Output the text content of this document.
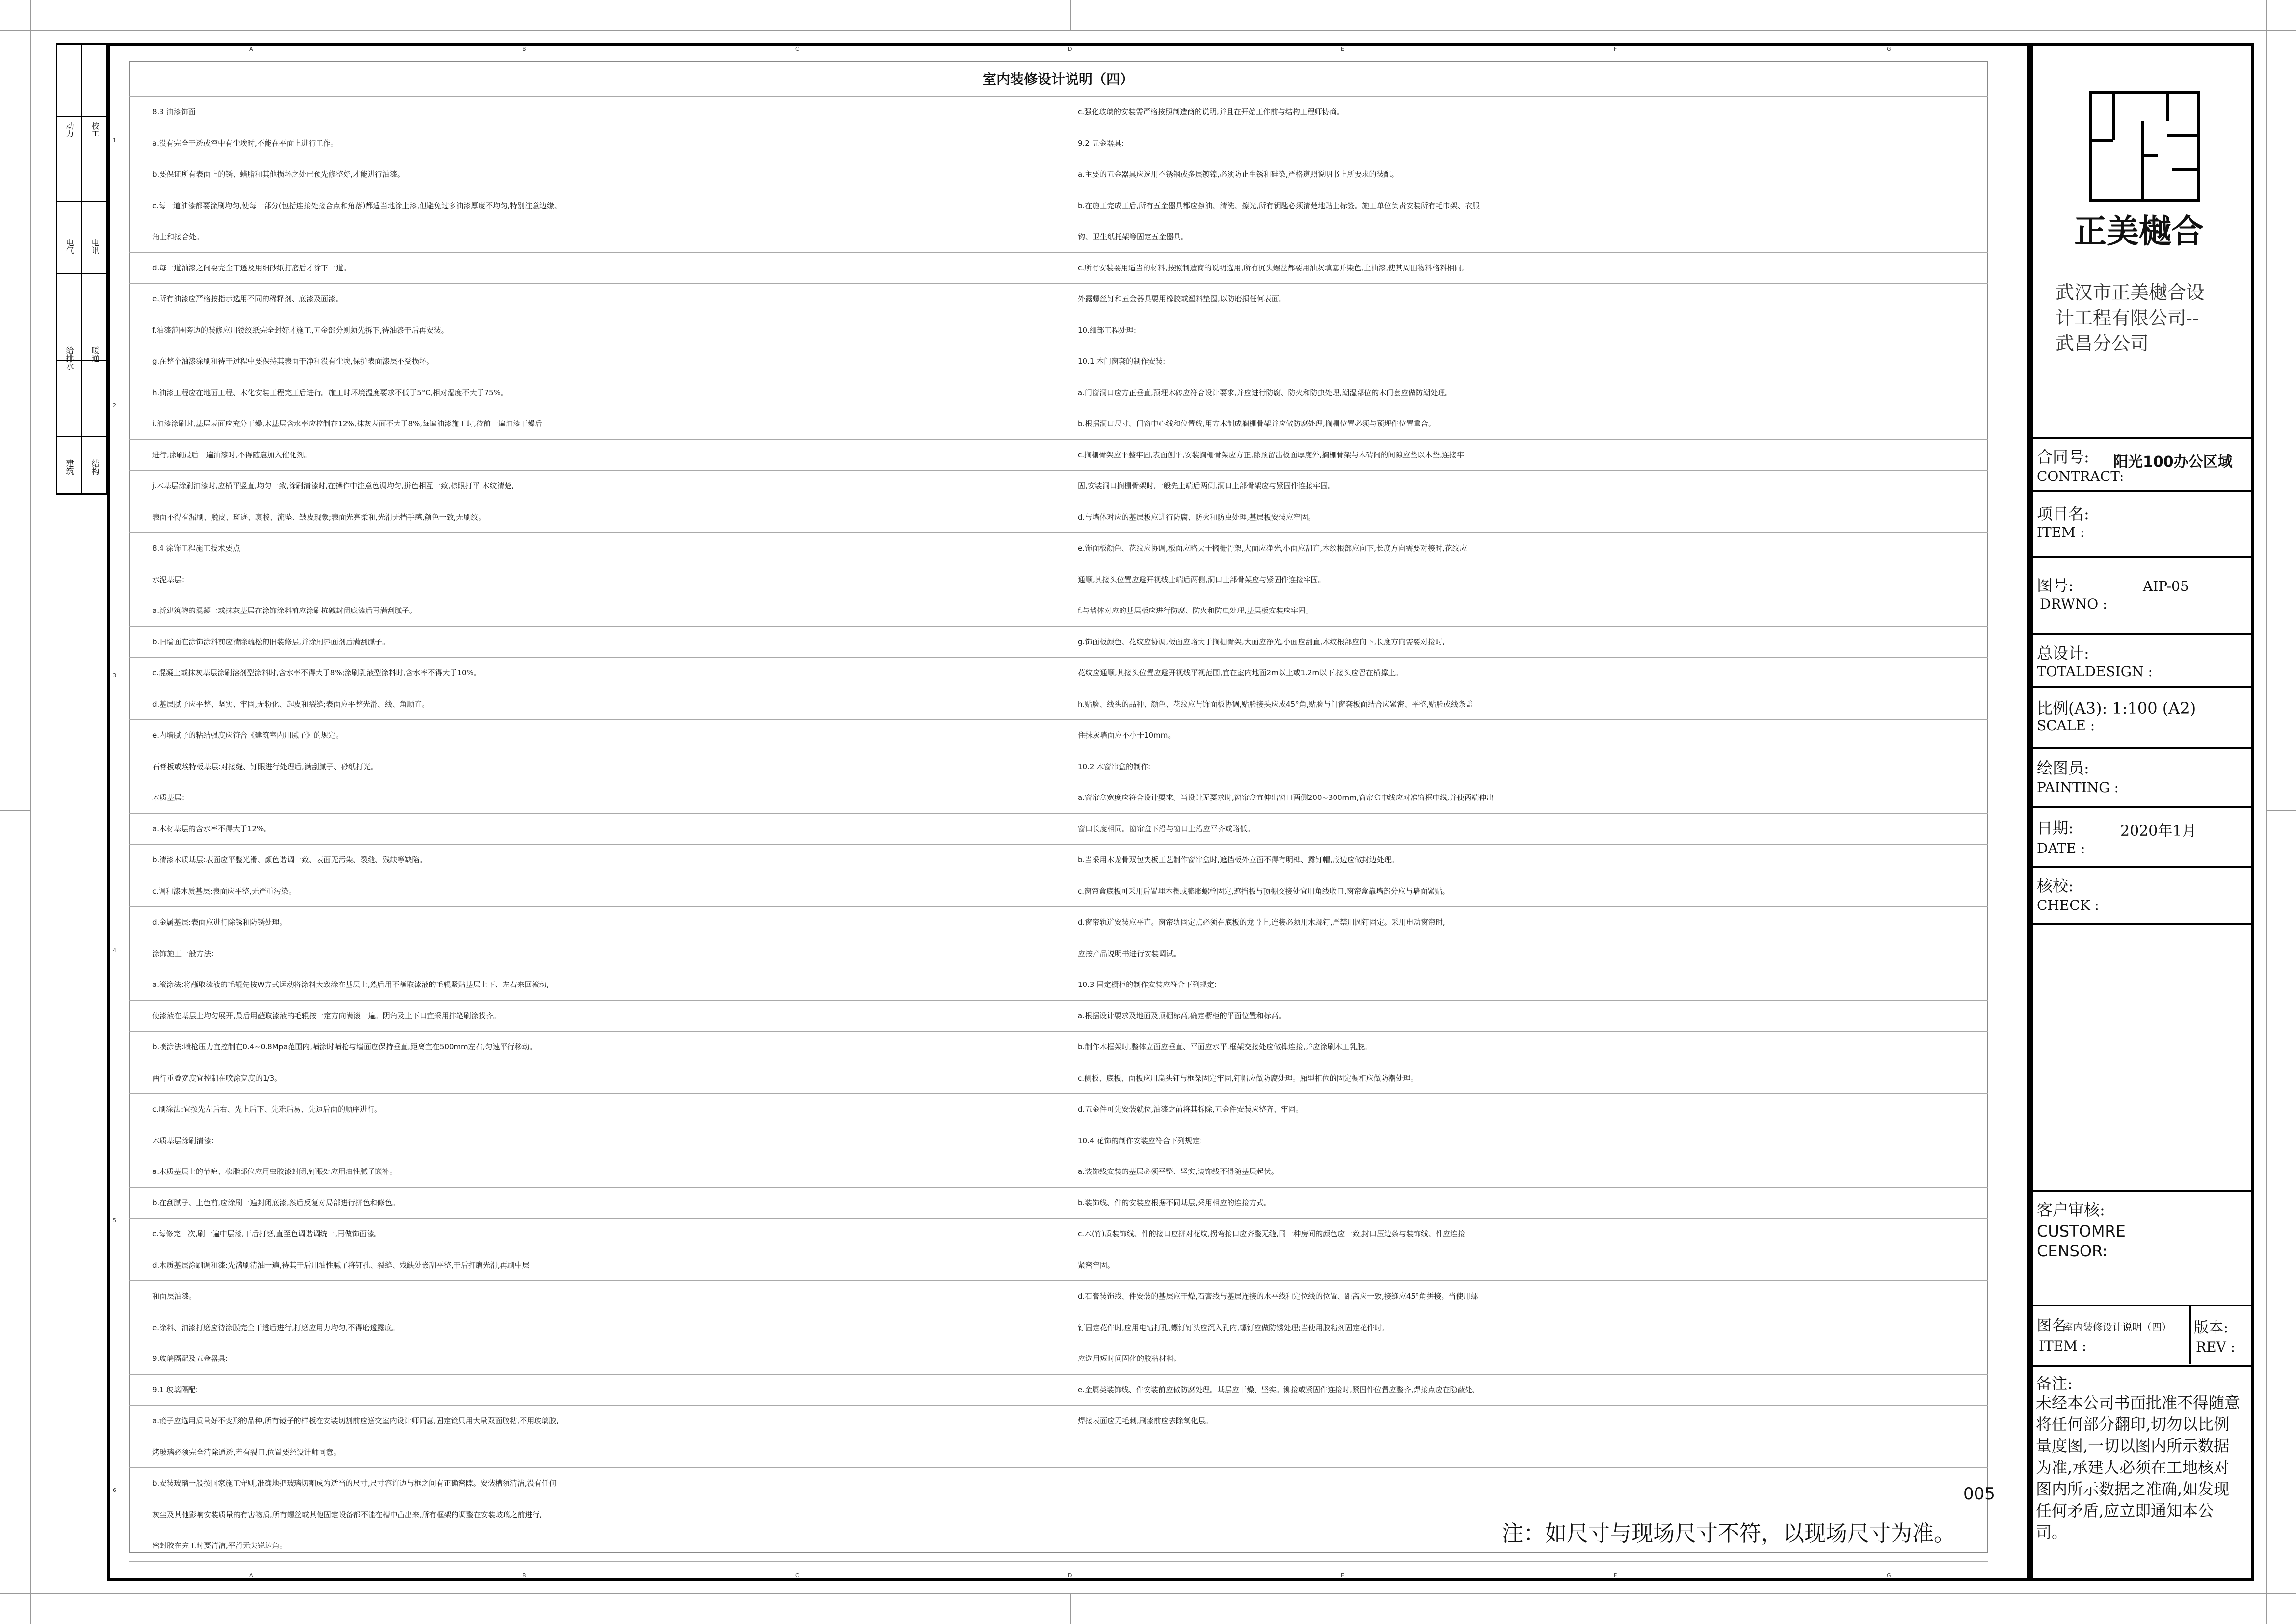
A	B	C	D	E	F	G
A	B	C	D	E	F	G
1
2
3
4
5
6
动力 校工
电气 电讯
给排水 暖通
建筑 结构
室内装修设计说明（四）
8.3 油漆饰面
a.没有完全干透或空中有尘埃时,不能在平面上进行工作。
b.要保证所有表面上的锈、蜡脂和其他损坏之处已预先修整好,才能进行油漆。
c.每一道油漆都要涂刷均匀,使每一部分(包括连接处接合点和角落)都适当地涂上漆,但避免过多油漆厚度不均匀,特别注意边缘、
角上和接合处。
d.每一道油漆之间要完全干透及用细砂纸打磨后才涂下一道。
e.所有油漆应严格按指示选用不同的稀释剂、底漆及面漆。
f.油漆范围旁边的装修应用镂纹纸完全封好才施工,五金部分则须先拆下,待油漆干后再安装。
g.在整个油漆涂刷和待干过程中要保持其表面干净和没有尘埃,保护表面漆层不受损坏。
h.油漆工程应在地面工程、木化安装工程完工后进行。施工时环境温度要求不低于5°C,相对湿度不大于75%。
i.油漆涂刷时,基层表面应充分干燥,木基层含水率应控制在12%,抹灰表面不大于8%,每遍油漆施工时,待前一遍油漆干燥后
进行,涂刷最后一遍油漆时,不得随意加入催化剂。
j.木基层涂刷油漆时,应横平竖直,均匀一致,涂刷清漆时,在操作中注意色调均匀,拼色相互一致,棕眼打平,木纹清楚,
表面不得有漏刷、脱皮、斑迹、裹棱、流坠、皱皮现象;表面光亮柔和,光滑无挡手感,颜色一致,无刷纹。
8.4 涂饰工程施工技术要点
水泥基层:
a.新建筑物的混凝土或抹灰基层在涂饰涂料前应涂刷抗碱封闭底漆后再满刮腻子。
b.旧墙面在涂饰涂料前应清除疏松的旧装修层,并涂刷界面剂后满刮腻子。
c.混凝土或抹灰基层涂刷溶剂型涂料时,含水率不得大于8%;涂刷乳液型涂料时,含水率不得大于10%。
d.基层腻子应平整、坚实、牢固,无粉化、起皮和裂缝;表面应平整光滑、线、角顺直。
e.内墙腻子的粘结强度应符合《建筑室内用腻子》的规定。
石膏板或埃特板基层:对接缝、钉眼进行处理后,满刮腻子、砂纸打光。
木质基层:
a.木材基层的含水率不得大于12%。
b.清漆木质基层:表面应平整光滑、颜色谐调一致、表面无污染、裂缝、残缺等缺陷。
c.调和漆木质基层:表面应平整,无严重污染。
d.金属基层:表面应进行除锈和防锈处理。
涂饰施工一般方法:
a.滚涂法:将蘸取漆液的毛辊先按W方式运动将涂料大致涂在基层上,然后用不蘸取漆液的毛辊紧贴基层上下、左右来回滚动,
使漆液在基层上均匀展开,最后用蘸取漆液的毛辊按一定方向满滚一遍。阴角及上下口宜采用排笔刷涂找齐。
b.喷涂法:喷枪压力宜控制在0.4~0.8Mpa范围内,喷涂时喷枪与墙面应保持垂直,距离宜在500mm左右,匀速平行移动。
两行重叠宽度宜控制在喷涂宽度的1/3。
c.刷涂法:宜按先左后右、先上后下、先难后易、先边后面的顺序进行。
木质基层涂刷清漆:
a.木质基层上的节疤、松脂部位应用虫胶漆封闭,钉眼处应用油性腻子嵌补。
b.在刮腻子、上色前,应涂刷一遍封闭底漆,然后反复对局部进行拼色和修色。
c.每修完一次,刷一遍中层漆,干后打磨,直至色调谐调统一,再做饰面漆。
d.木质基层涂刷调和漆:先满刷清油一遍,待其干后用油性腻子将钉孔、裂缝、残缺处嵌刮平整,干后打磨光滑,再刷中层
和面层油漆。
e.涂料、油漆打磨应待涂膜完全干透后进行,打磨应用力均匀,不得磨透露底。
9.玻璃隔配及五金器具:
9.1 玻璃隔配:
a.镜子应选用质量好不变形的品种,所有镜子的样板在安装切割前应送交室内设计师同意,固定镜只用大量双面胶粘,不用玻璃胶,
烤玻璃必须完全清除通透,若有裂口,位置要经设计师同意。
b.安装玻璃一般按国家施工守则,准确地把玻璃切割成为适当的尺寸,尺寸容许边与框之间有正确密隙。安装槽须清洁,没有任何
灰尘及其他影响安装质量的有害物质,所有螺丝或其他固定设备都不能在槽中凸出来,所有框架的调整在安装玻璃之前进行,
密封胶在完工时要清洁,平滑无尖锐边角。
c.强化玻璃的安装需严格按照制造商的说明,并且在开始工作前与结构工程师协商。
9.2 五金器具:
a.主要的五金器具应选用不锈钢或多层镀镍,必须防止生锈和硅染,严格遵照说明书上所要求的装配。
b.在施工完成工后,所有五金器具都应擦油、清洗、擦光,所有钥匙必须清楚地贴上标签。施工单位负责安装所有毛巾架、衣服
钩、卫生纸托架等固定五金器具。
c.所有安装要用适当的材料,按照制造商的说明选用,所有沉头螺丝都要用油灰填塞并染色,上油漆,使其周围物料格料相同,
外露螺丝钉和五金器具要用橡胶或塑料垫圈,以防磨损任何表面。
10.细部工程处理:
10.1 木门窗套的制作安装:
a.门窗洞口应方正垂直,预埋木砖应符合设计要求,并应进行防腐、防火和防虫处理,潮湿部位的木门套应做防潮处理。
b.根据洞口尺寸、门窗中心线和位置线,用方木制成搁栅骨架并应做防腐处理,搁栅位置必须与预埋件位置重合。
c.搁栅骨架应平整牢固,表面刨平,安装搁栅骨架应方正,除预留出板面厚度外,搁栅骨架与木砖间的间隙应垫以木垫,连接牢
固,安装洞口搁栅骨架时,一般先上端后两侧,洞口上部骨架应与紧固件连接牢固。
d.与墙体对应的基层板应进行防腐、防火和防虫处理,基层板安装应牢固。
e.饰面板颜色、花纹应协调,板面应略大于搁栅骨架,大面应净光,小面应刮直,木纹根部应向下,长度方向需要对接时,花纹应
通顺,其接头位置应避开视线上端后两侧,洞口上部骨架应与紧固件连接牢固。
f.与墙体对应的基层板应进行防腐、防火和防虫处理,基层板安装应牢固。
g.饰面板颜色、花纹应协调,板面应略大于搁栅骨架,大面应净光,小面应刮直,木纹根部应向下,长度方向需要对接时,
花纹应通顺,其接头位置应避开视线平视范围,宜在室内地面2m以上或1.2m以下,接头应留在横撑上。
h.贴脸、线头的品种、颜色、花纹应与饰面板协调,贴脸接头应成45°角,贴脸与门窗套板面结合应紧密、平整,贴脸或线条盖
住抹灰墙面应不小于10mm。
10.2 木窗帘盒的制作:
a.窗帘盒宽度应符合设计要求。当设计无要求时,窗帘盒宜伸出窗口两侧200~300mm,窗帘盒中线应对准窗框中线,并使两端伸出
窗口长度相同。窗帘盒下沿与窗口上沿应平齐或略低。
b.当采用木龙骨双包夹板工艺制作窗帘盒时,遮挡板外立面不得有明榫、露钉帽,底边应做封边处理。
c.窗帘盒底板可采用后置埋木楔或膨胀螺栓固定,遮挡板与顶棚交接处宜用角线收口,窗帘盒靠墙部分应与墙面紧贴。
d.窗帘轨道安装应平直。窗帘轨固定点必须在底板的龙骨上,连接必须用木螺钉,严禁用圆钉固定。采用电动窗帘时,
应按产品说明书进行安装调试。
10.3 固定橱柜的制作安装应符合下列规定:
a.根据设计要求及地面及顶棚标高,确定橱柜的平面位置和标高。
b.制作木框架时,整体立面应垂直、平面应水平,框架交接处应做榫连接,并应涂刷木工乳胶。
c.侧板、底板、面板应用扁头钉与框架固定牢固,钉帽应做防腐处理。厢型柜位的固定橱柜应做防潮处理。
d.五金件可先安装就位,油漆之前将其拆除,五金件安装应整齐、牢固。
10.4 花饰的制作安装应符合下列规定:
a.装饰线安装的基层必须平整、坚实,装饰线不得随基层起伏。
b.装饰线、件的安装应根据不同基层,采用相应的连接方式。
c.木(竹)质装饰线、件的接口应拼对花纹,拐弯接口应齐整无缝,同一种房间的颜色应一致,封口压边条与装饰线、件应连接
紧密牢固。
d.石膏装饰线、件安装的基层应干燥,石膏线与基层连接的水平线和定位线的位置、距离应一致,接缝应45°角拼接。当使用螺
钉固定花件时,应用电钻打孔,螺钉钉头应沉入孔内,螺钉应做防锈处理;当使用胶粘剂固定花件时,
应选用短时间固化的胶粘材料。
e.金属类装饰线、件安装前应做防腐处理。基层应干燥、坚实。铆接或紧固件连接时,紧固件位置应整齐,焊接点应在隐蔽处、
焊接表面应无毛刺,刷漆前应去除氧化层。
005
注：如尺寸与现场尺寸不符，以现场尺寸为准。
正美樾合
武汉市正美樾合设
计工程有限公司--
武昌分公司
合同号: 阳光100办公区域
CONTRACT:
项目名:
ITEM :
图号:	AIP-05
DRWNO :
总设计:
TOTALDESIGN :
比例(A3): 1:100 (A2)
SCALE :
绘图员:
PAINTING :
日期:	2020年1月
DATE :
核校:
CHECK :
客户审核:
CUSTOMRE
CENSOR:
图名
室内装修设计说明（四）
ITEM :
版本:
REV :
备注:
未经本公司书面批准不得随意
将任何部分翻印,切勿以比例
量度图,一切以图内所示数据
为准,承建人必须在工地核对
图内所示数据之准确,如发现
任何矛盾,应立即通知本公
司。
